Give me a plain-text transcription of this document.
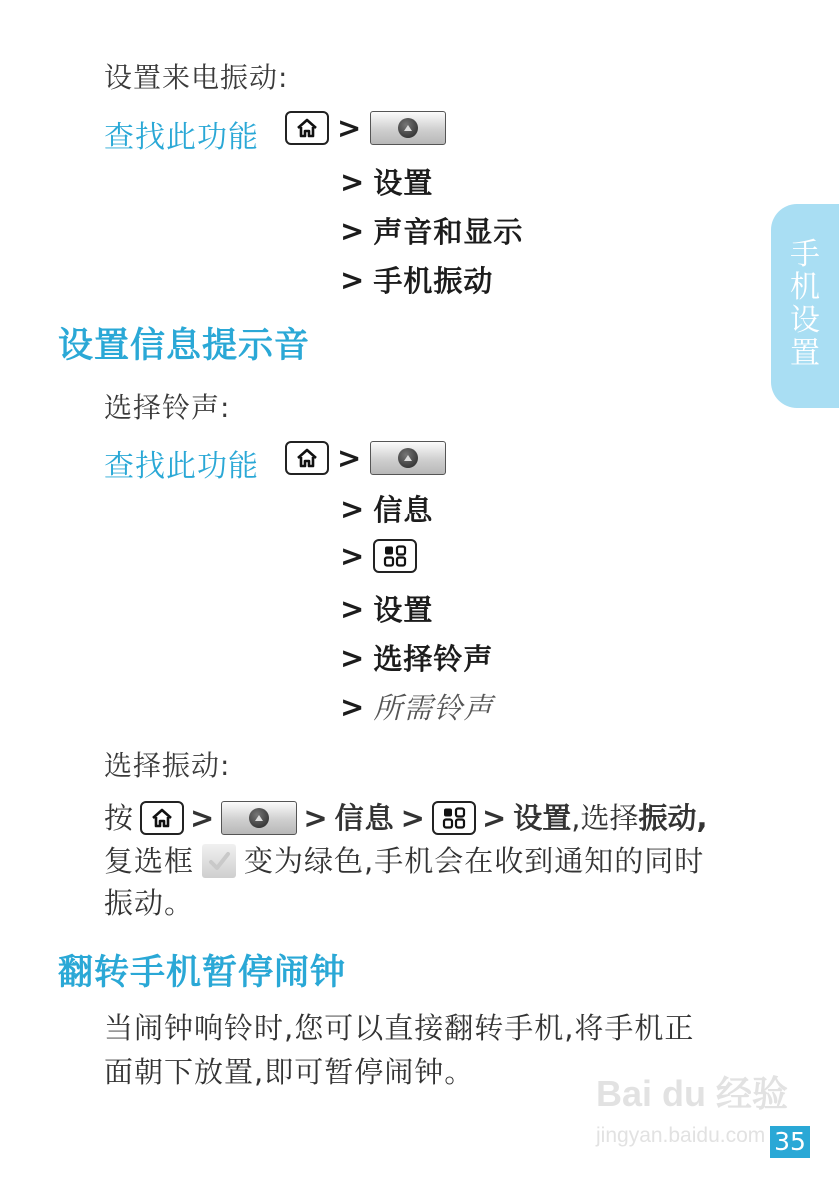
设置来电振动:
查找此功能	>
> 设置
> 声音和显示
> 手机振动
设置信息提示音
选择铃声:
查找此功能	>
> 信息
>
> 设置
> 选择铃声
> 所需铃声
选择振动:
按 >	> 信息 > > 设置,选择振动,
复选框 变为绿色,手机会在收到通知的同时
振动。
翻转手机暂停闹钟
当闹钟响铃时,您可以直接翻转手机,将手机正
面朝下放置,即可暂停闹钟。
手
机
设
置
Bai du 经验
jingyan.baidu.com 35
